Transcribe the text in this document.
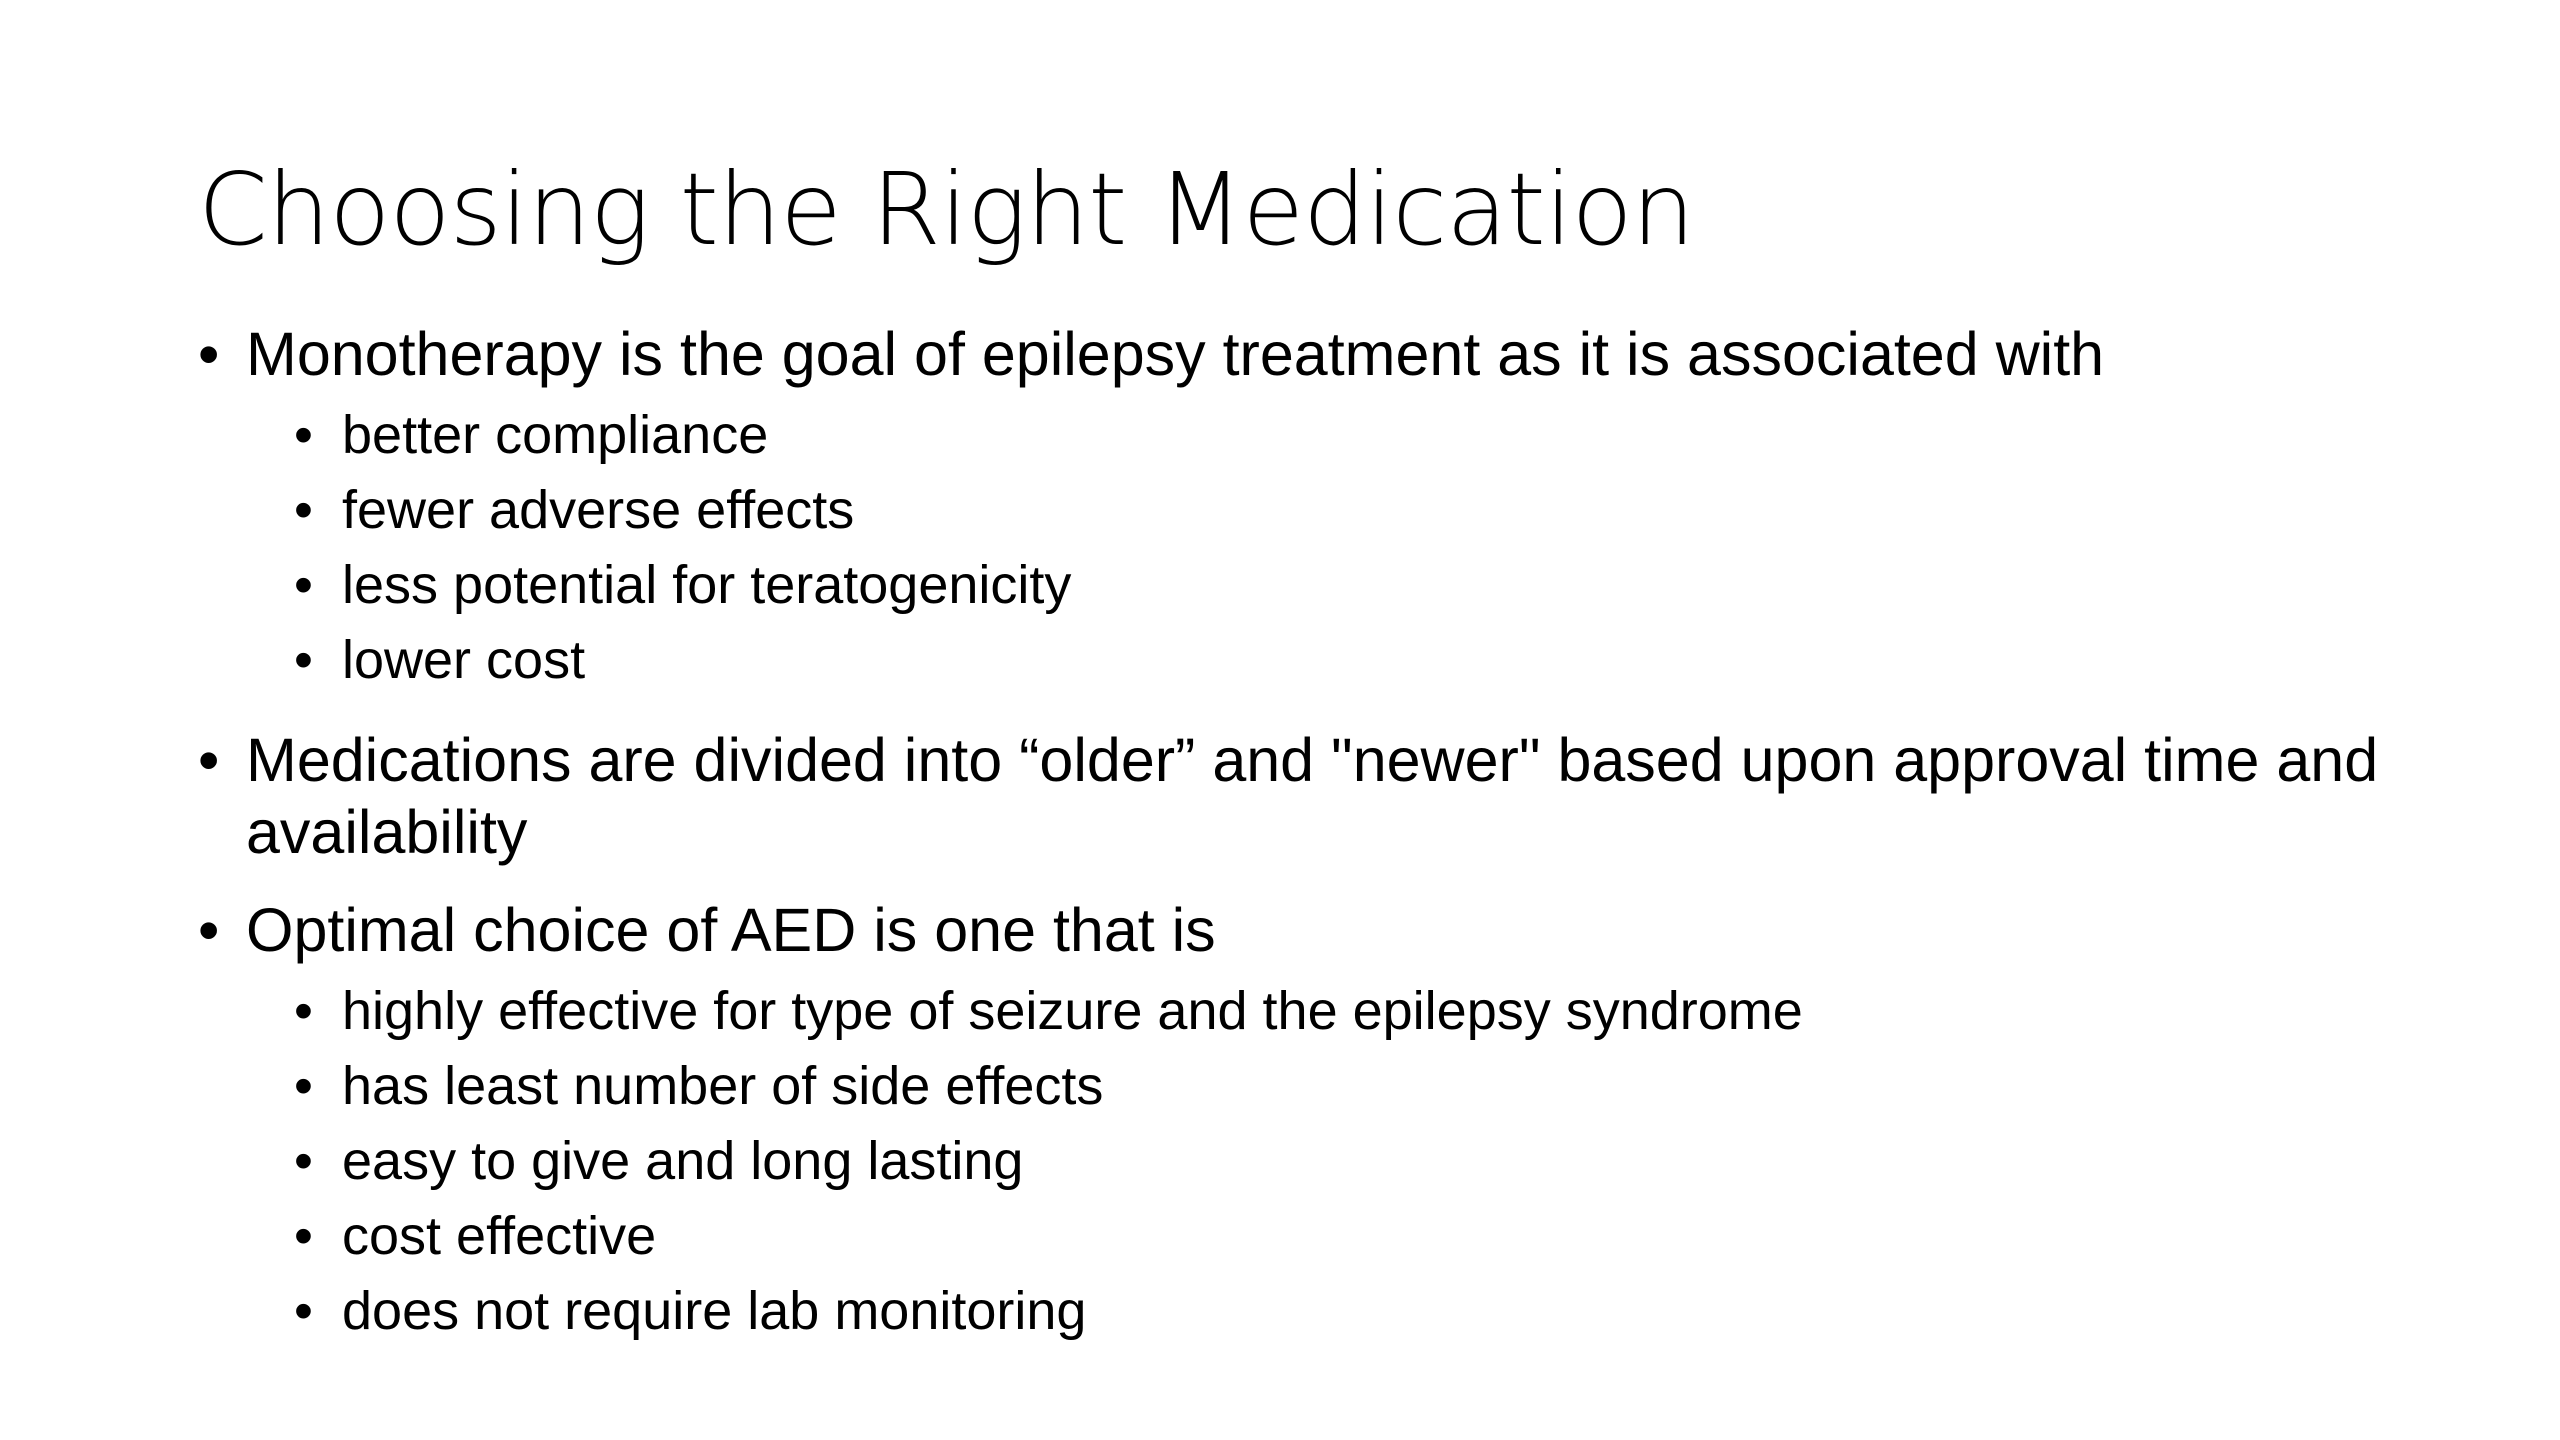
Choosing the Right Medication
• Monotherapy is the goal of epilepsy treatment as it is associated with
• better compliance
• fewer adverse effects
• less potential for teratogenicity
• lower cost
• Medications are divided into “older” and "newer" based upon approval time and availability
• Optimal choice of AED is one that is
• highly effective for type of seizure and the epilepsy syndrome
• has least number of side effects
• easy to give and long lasting
• cost effective
• does not require lab monitoring
